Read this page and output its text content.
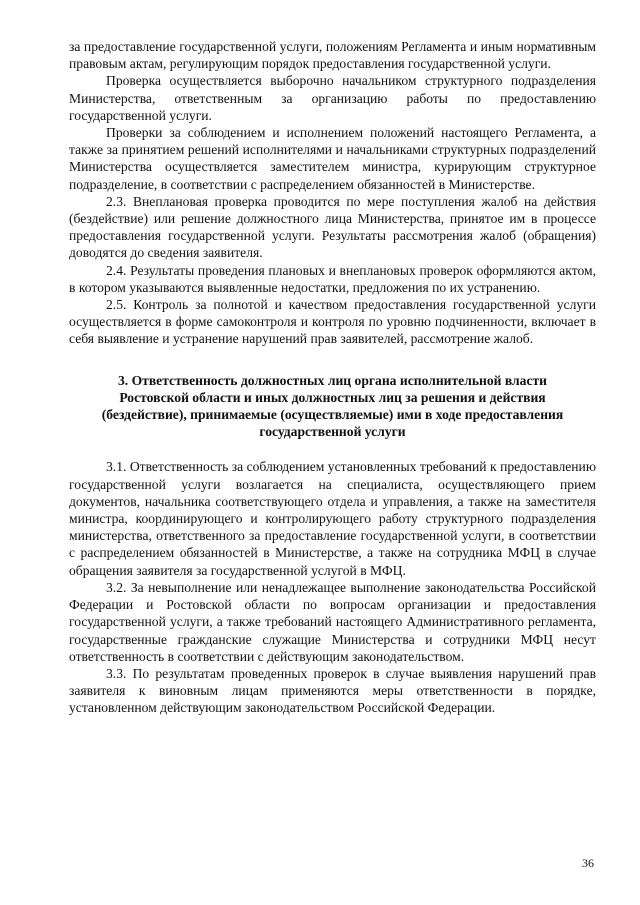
за предоставление государственной услуги, положениям Регламента и иным нормативным правовым актам, регулирующим порядок предоставления государственной услуги.

Проверка осуществляется выборочно начальником структурного подразделения Министерства, ответственным за организацию работы по предоставлению государственной услуги.

Проверки за соблюдением и исполнением положений настоящего Регламента, а также за принятием решений исполнителями и начальниками структурных подразделений Министерства осуществляется заместителем министра, курирующим структурное подразделение, в соответствии с распределением обязанностей в Министерстве.

2.3. Внеплановая проверка проводится по мере поступления жалоб на действия (бездействие) или решение должностного лица Министерства, принятое им в процессе предоставления государственной услуги. Результаты рассмотрения жалоб (обращения) доводятся до сведения заявителя.

2.4. Результаты проведения плановых и внеплановых проверок оформляются актом, в котором указываются выявленные недостатки, предложения по их устранению.

2.5. Контроль за полнотой и качеством предоставления государственной услуги осуществляется в форме самоконтроля и контроля по уровню подчиненности, включает в себя выявление и устранение нарушений прав заявителей, рассмотрение жалоб.

3. Ответственность должностных лиц органа исполнительной власти
Ростовской области и иных должностных лиц за решения и действия
(бездействие), принимаемые (осуществляемые) ими в ходе предоставления
государственной услуги

3.1. Ответственность за соблюдением установленных требований к предоставлению государственной услуги возлагается на специалиста, осуществляющего прием документов, начальника соответствующего отдела и управления, а также на заместителя министра, координирующего и контролирующего работу структурного подразделения министерства, ответственного за предоставление государственной услуги, в соответствии с распределением обязанностей в Министерстве, а также на сотрудника МФЦ в случае обращения заявителя за государственной услугой в МФЦ.

3.2. За невыполнение или ненадлежащее выполнение законодательства Российской Федерации и Ростовской области по вопросам организации и предоставления государственной услуги, а также требований настоящего Административного регламента, государственные гражданские служащие Министерства и сотрудники МФЦ несут ответственность в соответствии с действующим законодательством.

3.3. По результатам проведенных проверок в случае выявления нарушений прав заявителя к виновным лицам применяются меры ответственности в порядке, установленном действующим законодательством Российской Федерации.

36
